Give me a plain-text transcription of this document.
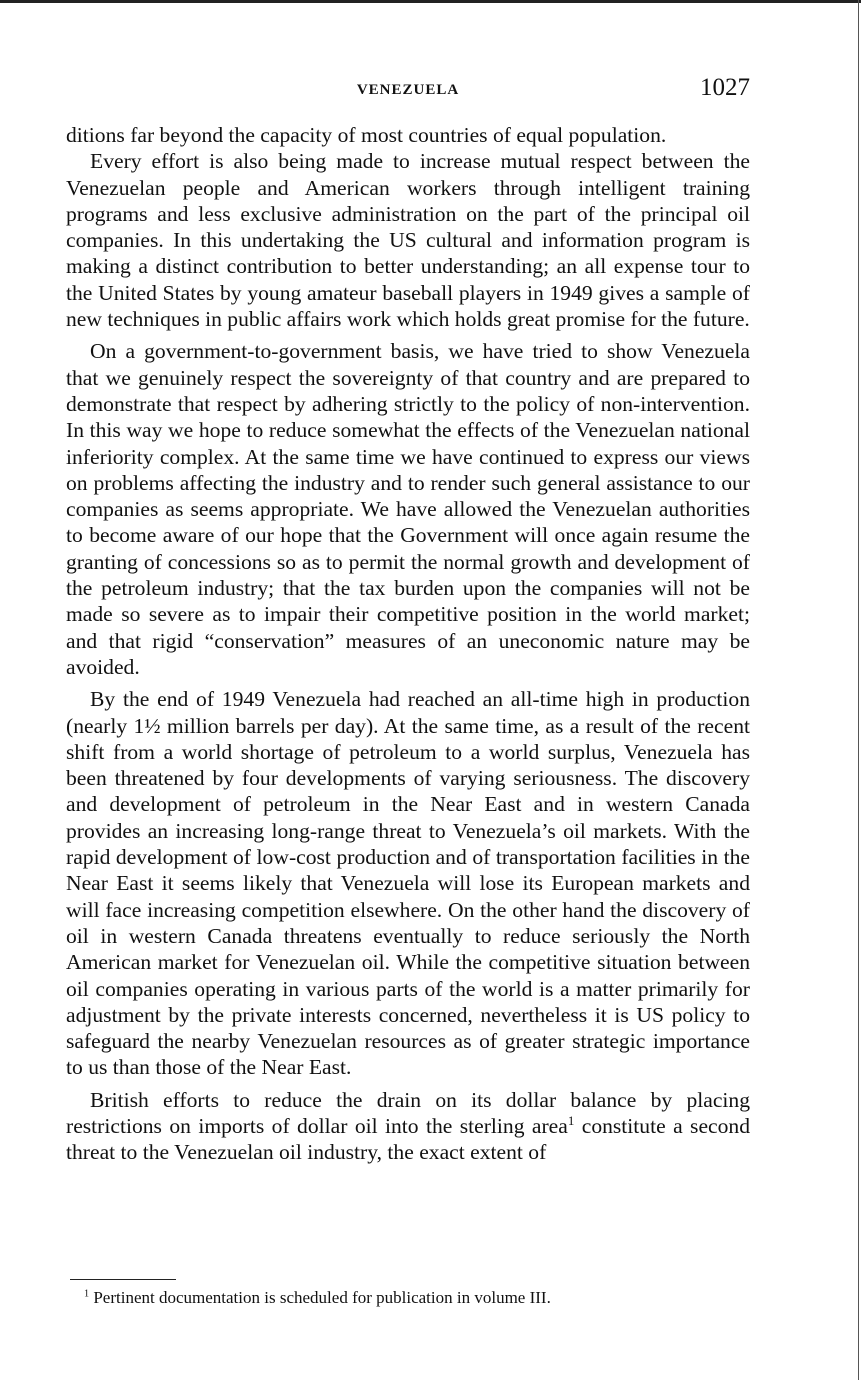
VENEZUELA	1027

ditions far beyond the capacity of most countries of equal population.

Every effort is also being made to increase mutual respect between the Venezuelan people and American workers through intelligent training programs and less exclusive administration on the part of the principal oil companies. In this undertaking the US cultural and information program is making a distinct contribution to better understanding; an all expense tour to the United States by young amateur baseball players in 1949 gives a sample of new techniques in public affairs work which holds great promise for the future.

On a government-to-government basis, we have tried to show Venezuela that we genuinely respect the sovereignty of that country and are prepared to demonstrate that respect by adhering strictly to the policy of non-intervention. In this way we hope to reduce somewhat the effects of the Venezuelan national inferiority complex. At the same time we have continued to express our views on problems affecting the industry and to render such general assistance to our companies as seems appropriate. We have allowed the Venezuelan authorities to become aware of our hope that the Government will once again resume the granting of concessions so as to permit the normal growth and development of the petroleum industry; that the tax burden upon the companies will not be made so severe as to impair their competitive position in the world market; and that rigid “conservation” measures of an uneconomic nature may be avoided.

By the end of 1949 Venezuela had reached an all-time high in production (nearly 1½ million barrels per day). At the same time, as a result of the recent shift from a world shortage of petroleum to a world surplus, Venezuela has been threatened by four developments of varying seriousness. The discovery and development of petroleum in the Near East and in western Canada provides an increasing long-range threat to Venezuela’s oil markets. With the rapid development of low-cost production and of transportation facilities in the Near East it seems likely that Venezuela will lose its European markets and will face increasing competition elsewhere. On the other hand the discovery of oil in western Canada threatens eventually to reduce seriously the North American market for Venezuelan oil. While the competitive situation between oil companies operating in various parts of the world is a matter primarily for adjustment by the private interests concerned, nevertheless it is US policy to safeguard the nearby Venezuelan resources as of greater strategic importance to us than those of the Near East.

British efforts to reduce the drain on its dollar balance by placing restrictions on imports of dollar oil into the sterling area$^1$ constitute a second threat to the Venezuelan oil industry, the exact extent of

$^1$ Pertinent documentation is scheduled for publication in volume III.
